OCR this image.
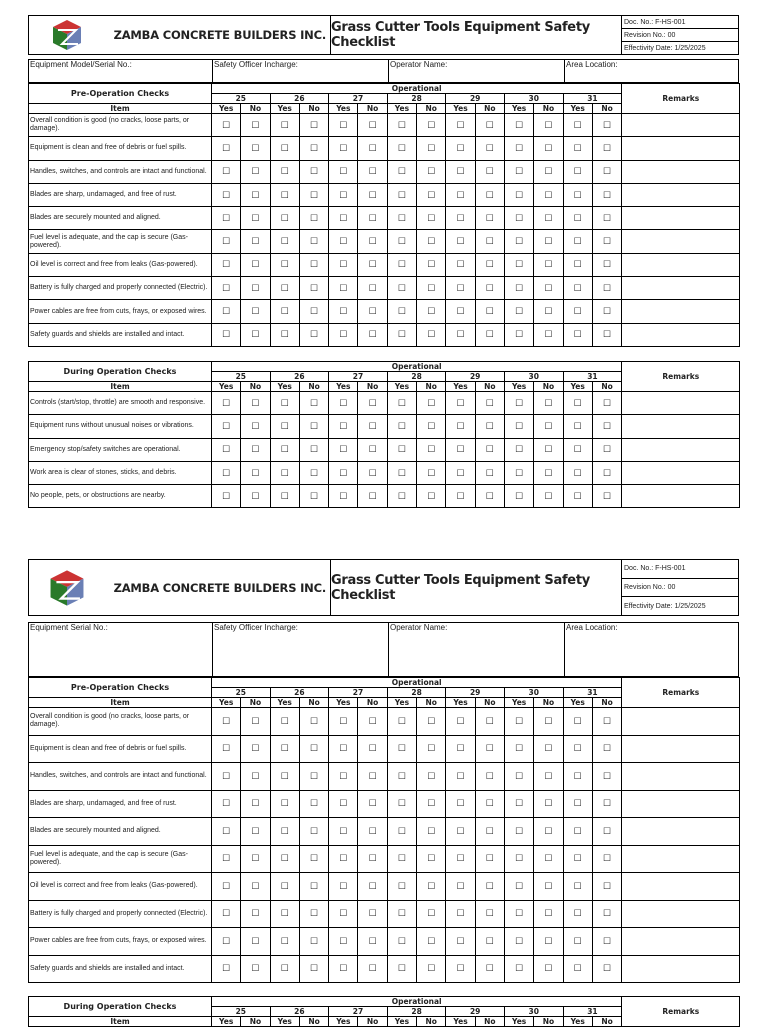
ZAMBA CONCRETE BUILDERS INC. Grass Cutter Tools Equipment Safety Checklist
Doc. No.: F-HS-001
Revision No.: 00
Effectivity Date: 1/25/2025
Equipment Model/Serial No.:	Safety Officer Incharge:	Operator Name:	Area Location:
Pre-Operation Checks	Operational														Remarks
	25		26		27		28		29		30		31		
Item	Yes	No	Yes	No	Yes	No	Yes	No	Yes	No	Yes	No	Yes	No	
Overall condition is good (no cracks, loose parts, or damage).	☐	☐	☐	☐	☐	☐	☐	☐	☐	☐	☐	☐	☐	☐	
Equipment is clean and free of debris or fuel spills.	☐	☐	☐	☐	☐	☐	☐	☐	☐	☐	☐	☐	☐	☐	
Handles, switches, and controls are intact and functional.	☐	☐	☐	☐	☐	☐	☐	☐	☐	☐	☐	☐	☐	☐	
Blades are sharp, undamaged, and free of rust.	☐	☐	☐	☐	☐	☐	☐	☐	☐	☐	☐	☐	☐	☐	
Blades are securely mounted and aligned.	☐	☐	☐	☐	☐	☐	☐	☐	☐	☐	☐	☐	☐	☐	
Fuel level is adequate, and the cap is secure (Gas-powered).	☐	☐	☐	☐	☐	☐	☐	☐	☐	☐	☐	☐	☐	☐	
Oil level is correct and free from leaks (Gas-powered).	☐	☐	☐	☐	☐	☐	☐	☐	☐	☐	☐	☐	☐	☐	
Battery is fully charged and properly connected (Electric).	☐	☐	☐	☐	☐	☐	☐	☐	☐	☐	☐	☐	☐	☐	
Power cables are free from cuts, frays, or exposed wires.	☐	☐	☐	☐	☐	☐	☐	☐	☐	☐	☐	☐	☐	☐	
Safety guards and shields are installed and intact.	☐	☐	☐	☐	☐	☐	☐	☐	☐	☐	☐	☐	☐	☐	
During Operation Checks	Operational														Remarks
	25		26		27		28		29		30		31		
Item	Yes	No	Yes	No	Yes	No	Yes	No	Yes	No	Yes	No	Yes	No	
Controls (start/stop, throttle) are smooth and responsive.	☐	☐	☐	☐	☐	☐	☐	☐	☐	☐	☐	☐	☐	☐	
Equipment runs without unusual noises or vibrations.	☐	☐	☐	☐	☐	☐	☐	☐	☐	☐	☐	☐	☐	☐	
Emergency stop/safety switches are operational.	☐	☐	☐	☐	☐	☐	☐	☐	☐	☐	☐	☐	☐	☐	
Work area is clear of stones, sticks, and debris.	☐	☐	☐	☐	☐	☐	☐	☐	☐	☐	☐	☐	☐	☐	
No people, pets, or obstructions are nearby.	☐	☐	☐	☐	☐	☐	☐	☐	☐	☐	☐	☐	☐	☐	
ZAMBA CONCRETE BUILDERS INC. Grass Cutter Tools Equipment Safety Checklist
Doc. No.: F-HS-001
Revision No.: 00
Effectivity Date: 1/25/2025
Equipment Serial No.:	Safety Officer Incharge:	Operator Name:	Area Location:
Pre-Operation Checks	Operational														Remarks
	25		26		27		28		29		30		31		
Item	Yes	No	Yes	No	Yes	No	Yes	No	Yes	No	Yes	No	Yes	No	
Overall condition is good (no cracks, loose parts, or damage).	☐	☐	☐	☐	☐	☐	☐	☐	☐	☐	☐	☐	☐	☐	
Equipment is clean and free of debris or fuel spills.	☐	☐	☐	☐	☐	☐	☐	☐	☐	☐	☐	☐	☐	☐	
Handles, switches, and controls are intact and functional.	☐	☐	☐	☐	☐	☐	☐	☐	☐	☐	☐	☐	☐	☐	
Blades are sharp, undamaged, and free of rust.	☐	☐	☐	☐	☐	☐	☐	☐	☐	☐	☐	☐	☐	☐	
Blades are securely mounted and aligned.	☐	☐	☐	☐	☐	☐	☐	☐	☐	☐	☐	☐	☐	☐	
Fuel level is adequate, and the cap is secure (Gas-powered).	☐	☐	☐	☐	☐	☐	☐	☐	☐	☐	☐	☐	☐	☐	
Oil level is correct and free from leaks (Gas-powered).	☐	☐	☐	☐	☐	☐	☐	☐	☐	☐	☐	☐	☐	☐	
Battery is fully charged and properly connected (Electric).	☐	☐	☐	☐	☐	☐	☐	☐	☐	☐	☐	☐	☐	☐	
Power cables are free from cuts, frays, or exposed wires.	☐	☐	☐	☐	☐	☐	☐	☐	☐	☐	☐	☐	☐	☐	
Safety guards and shields are installed and intact.	☐	☐	☐	☐	☐	☐	☐	☐	☐	☐	☐	☐	☐	☐	
During Operation Checks	Operational														Remarks
	25		26		27		28		29		30		31		
Item	Yes	No	Yes	No	Yes	No	Yes	No	Yes	No	Yes	No	Yes	No	
